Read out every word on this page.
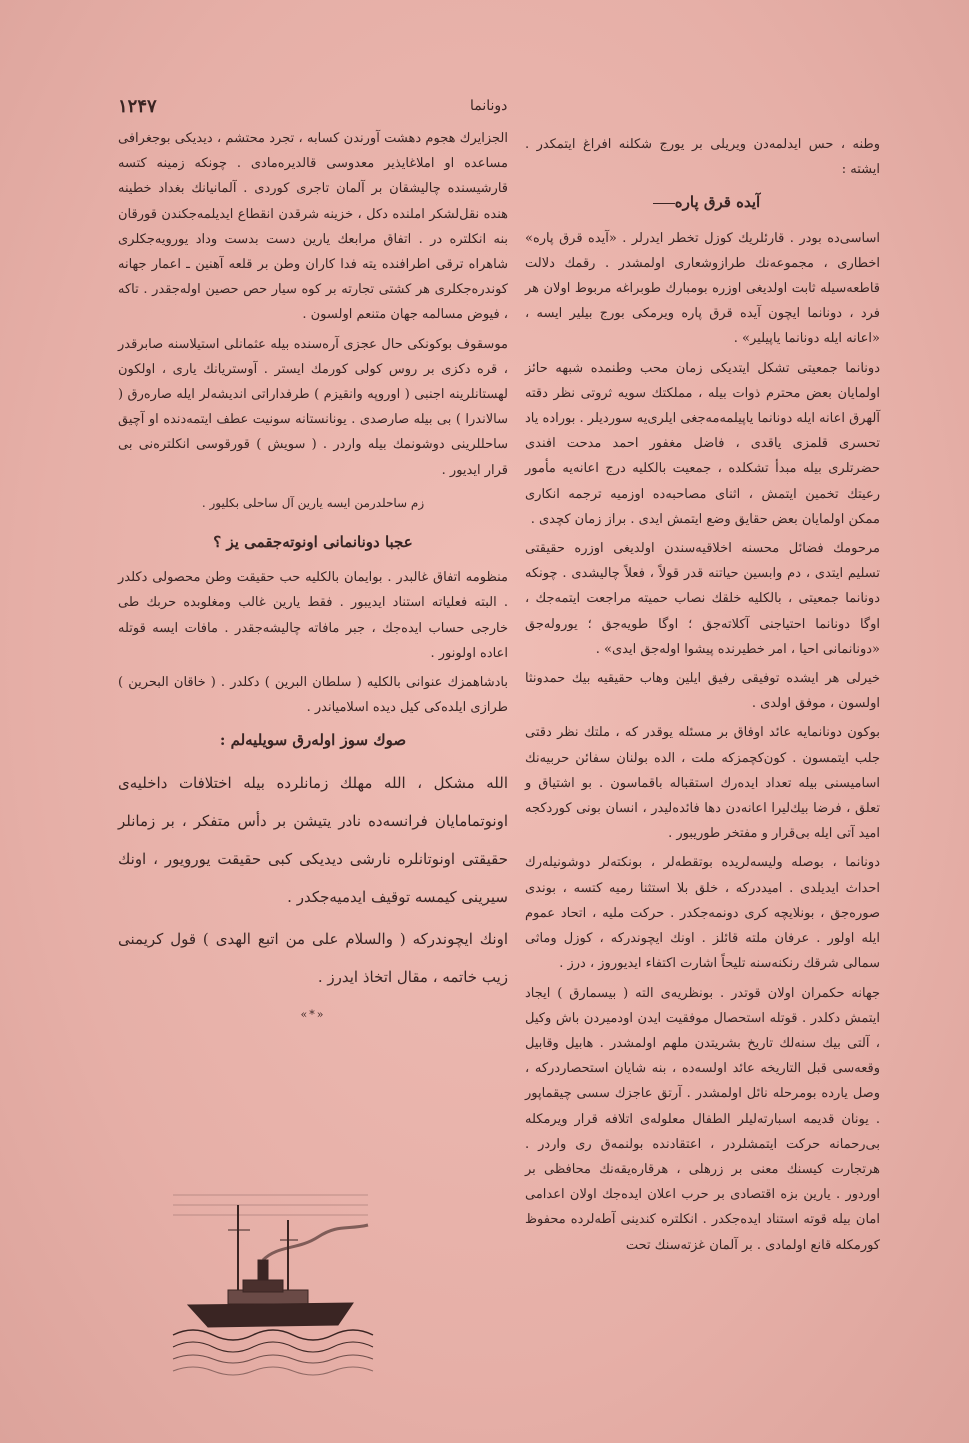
۱۲۴۷	دونانما

وطنه ، حس ایدلمه‌دن ویریلی بر یورج شکلنه افراغ ایتمکدر . ایشته :

آیدە قرق پاره

اساسی‌ده بودر . قارئلریك كوزل تخطر ایدرلر . «آیدە قرق پاره» اخطاری ، مجموعه‌نك طرازوشعاری اولمشدر . رقمك دلالت قاطعه‌سیله ثابت اولدیغی اوزره بومبارك طوبراغه‌ مربوط اولان هر فرد ، دونانما ایچون آیده قرق پاره ویرمکی بورج بیلیر ایسه ، «اعانه‌ ایله دونانما یاپیلیر» .

دونانما جمعیتی تشکل ایتدیکی زمان محب وطنمده شبهه حائز اولمایان بعض محترم ذوات بیله ، مملکتك سویه ثروتی نظر دقته آلهرق اعانه ایله دونانما یاپیلمه‌مه‌جغی ایلری‌یه سوردیلر . بوراده یاد تحسری قلمزی یاقدی ، فاضل مغفور احمد مدحت افندی حضرتلری بیله مبدأ تشکلده ، جمعیت بالکلیه درج اعانه‌یه مأمور رعیتك تخمین ایتمش ، اثنای مصاحبه‌ده اوزمیه ترجمه انکاری ممکن اولمایان بعض حقایق وضع ایتمش ایدی . براز زمان کچدی .

مرحومك فضائل محسنه اخلاقیه‌سندن اولدیغی اوزره حقیقتی تسلیم ایتدی ، دم وابسین حیاتنه قدر قولاً ، فعلاً چالیشدی . چونکه دونانما جمعیتی ، بالکلیه خلقك نصاب حمیته مراجعت ایتمه‌جك ، اوگا دونانما احتیاجنی آکلاته‌جق ؛ اوگا طویه‌جق ؛ یوروله‌جق «دونانمانی احیا ، امر خطیرنده پیشوا اوله‌جق ایدی» .

خیرلی هر ایشده توفیقی رفیق ایلین وهاب حقیقیه بیك حمدونثا اولسون ، موفق اولدی .

بوكون دونانمایه عائد اوفاق بر مسئله یوقدر که ، ملتك نظر دقتی جلب ایتمسون . كون‌كچمزكه ملت ، الده بولنان سفائن حربیه‌نك اساميسنی بیله تعداد ایده‌رك استقباله باقماسون . بو اشتیاق و تعلق ، فرضا بیك‌لیرا اعانه‌دن دها فائده‌لیدر ، انسان بونی كوردكجه امید آتی ایله بی‌قرار و مفتخر طوریبور .

دونانما ، بوصله ولیسه‌لریده بوتقطه‌لر ، بونکته‌لر دوشونیله‌رك احداث ایدیلدی . امیددرکه ، خلق بلا استثنا رمیه کتسه ، بوندی صوره‌جق ، بونلایچه‌ کری دونمه‌جکدر . حرکت ملیه ، اتحاد عموم ایله اولور . عرفان ملته قائلز . اونك ایچوندرکه ، کوزل وماثی سمالی شرقك رنکنه‌سنه تلیحاً اشارت اکتفاء ایدیوروز ، درز .

جهانه حکمران اولان قوتدر . بونظریه‌ی الته ( بیسمارق ) ایجاد ایتمش دکلدر . قوتله استحصال موفقیت ایدن اودمیردن باش وکیل ، آلتی بیك سنه‌لك تاریخ بشریتدن ملهم اولمشدر . هابیل وقابیل وقعه‌سی قبل التاریخه عائد اولسه‌ده ، بنه شایان استحصاردرکه ، وصل یارده بومرحله نائل اولمشدر . آرتق عاجزك سسی چیقماپور . یونان قدیمه اسبارته‌لیلر الطفال معلوله‌ی اتلافه قرار ویرمکله بی‌رحمانه حرکت ایتمشلردر ، اعتقادنده بولنمه‌ق ری واردر . هرتجارت کیسنك معنی بر زرهلی ، هرقاره‌یقه‌نك محافظی بر اوردور . یارین بزه اقتصادی بر حرب اعلان ایده‌جك اولان اعدامی امان بیله قوته استناد ایده‌جکدر . انکلتره کندینی آطه‌لرده محفوظ کورمکله قانع اولمادی . بر آلمان غزته‌سنك تحت‌

الجزایرك هجوم دهشت آورندن کسابه ، تجرد محتشم ، دیدیکی بوجغرافی مساعده او املاغایذیر معدوسی قالدیره‌مادی . چونکه زمینه کتسه قارشیسنده چالیشقان بر آلمان تاجری کوردی . آلمانیانك بغداد خطینه هنده نقل‌لشکر املنده دکل ، خزینه شرقدن انقطاع ایدیلمه‌جکندن قورقان بنه انکلتره در . اتفاق مرابعك یارین دست بدست وداد یورویه‌جکلری شاهراه ترقی اطرافنده یته فدا کاران وطن بر قلعه آهنین ـ اعمار جهانه کوندره‌جکلری هر کشتی تجارته بر کوه سیار حص حصین اوله‌جقدر . تاکه ، فیوض مسالمه جهان متنعم اولسون .

موسقوف بوکونکی حال عجزی آره‌سنده بیله عثمانلی استیلاسنه صابرقدر ، قره دکزی بر روس کولی کورمك ایستر . آوستریانك یاری ، اولکون لهستانلرینه اجنبی ( اوروپه وانقیزم ) طرفداراتی اندیشه‌لر ایله صاره‌رق ( سالاندرا ) بی بیله صارصدی . یونانستانه سونیت عطف ایتمه‌دنده او آچیق ساحللرینی دوشونمك بیله واردر . ( سویش ) قورقوسی انکلتره‌نی بی قرار ایدیور .

زم ساحلدرمن ایسه یارین آل ساحلی بکلیور .
عجبا دونانمانی اونوته‌جقمی یز ؟

منظومه اتفاق غالبدر . بوایمان بالکلیه حب حقیقت وطن محصولی دکلدر . البته فعلیاته استناد ایدیبور . فقط یارین غالب ومغلوبده حربك طی خارجی حساب ایده‌جك ، جبر مافاته چالیشه‌جقدر . مافات ایسه قوتله اعاده اولونور .

بادشاهمزك عنوانی بالکلیه ( سلطان البرین ) دکلدر . ( خاقان البحرین ) طرازی ایلده‌کی کیل دیده اسلامیاندر .

صوك سوز اوله‌رق سویلیه‌لم :

الله مشکل ، الله مهلك زمانلرده بیله اختلافات داخلیه‌ی اونوتمامایان فرانسه‌ده نادر یتیشن بر دأس متفکر ، بر زمانلر حقیقتی اونوتانلره نارشی دیدیکی کبی حقیقت یورویور ، اونك سیرینی کیمسه توقیف ایدمیه‌جکدر .

اونك ایچوندرکه ( والسلام علی من اتبع الهدی ) قول کریمنی زیب خاتمه ، مقال اتخاذ ایدرز .

«*»
